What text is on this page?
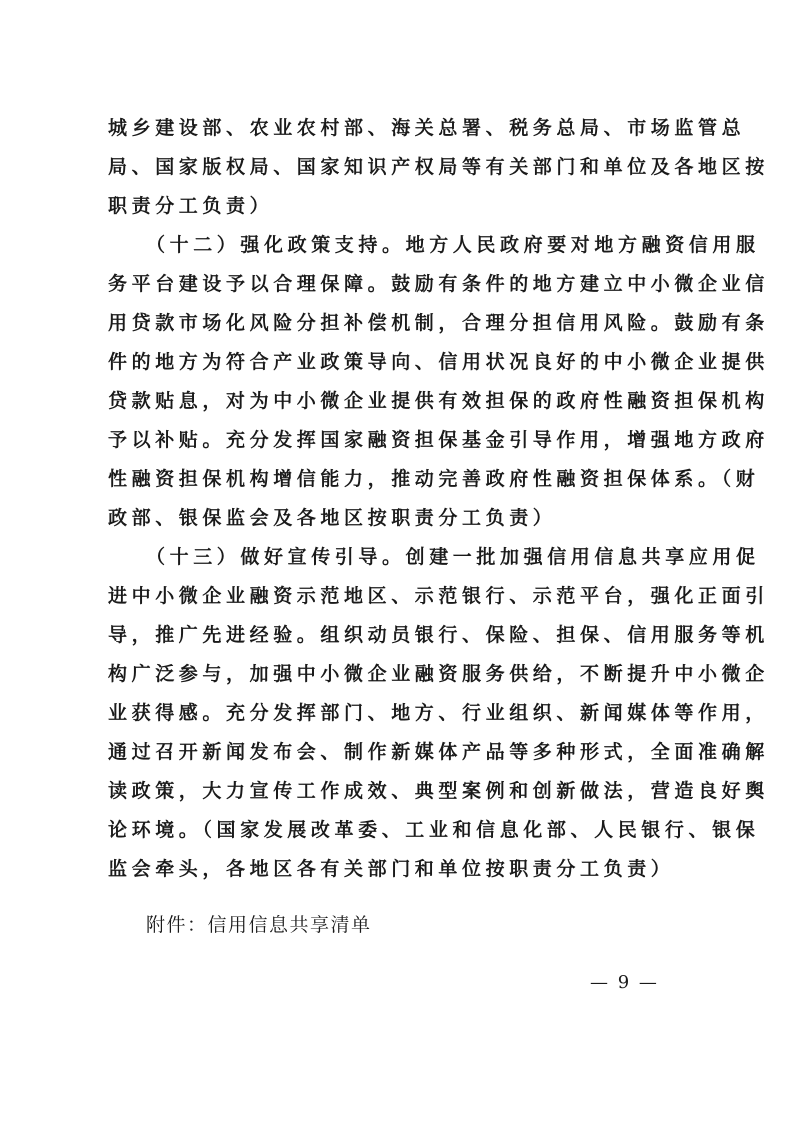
城乡建设部、农业农村部、海关总署、税务总局、市场监管总
局、国家版权局、国家知识产权局等有关部门和单位及各地区按
职责分工负责）
（十二）强化政策支持。地方人民政府要对地方融资信用服
务平台建设予以合理保障。鼓励有条件的地方建立中小微企业信
用贷款市场化风险分担补偿机制，合理分担信用风险。鼓励有条
件的地方为符合产业政策导向、信用状况良好的中小微企业提供
贷款贴息，对为中小微企业提供有效担保的政府性融资担保机构
予以补贴。充分发挥国家融资担保基金引导作用，增强地方政府
性融资担保机构增信能力，推动完善政府性融资担保体系。（财
政部、银保监会及各地区按职责分工负责）
（十三）做好宣传引导。创建一批加强信用信息共享应用促
进中小微企业融资示范地区、示范银行、示范平台，强化正面引
导，推广先进经验。组织动员银行、保险、担保、信用服务等机
构广泛参与，加强中小微企业融资服务供给，不断提升中小微企
业获得感。充分发挥部门、地方、行业组织、新闻媒体等作用，
通过召开新闻发布会、制作新媒体产品等多种形式，全面准确解
读政策，大力宣传工作成效、典型案例和创新做法，营造良好舆
论环境。（国家发展改革委、工业和信息化部、人民银行、银保
监会牵头，各地区各有关部门和单位按职责分工负责）
附件：信用信息共享清单
— 9 —
